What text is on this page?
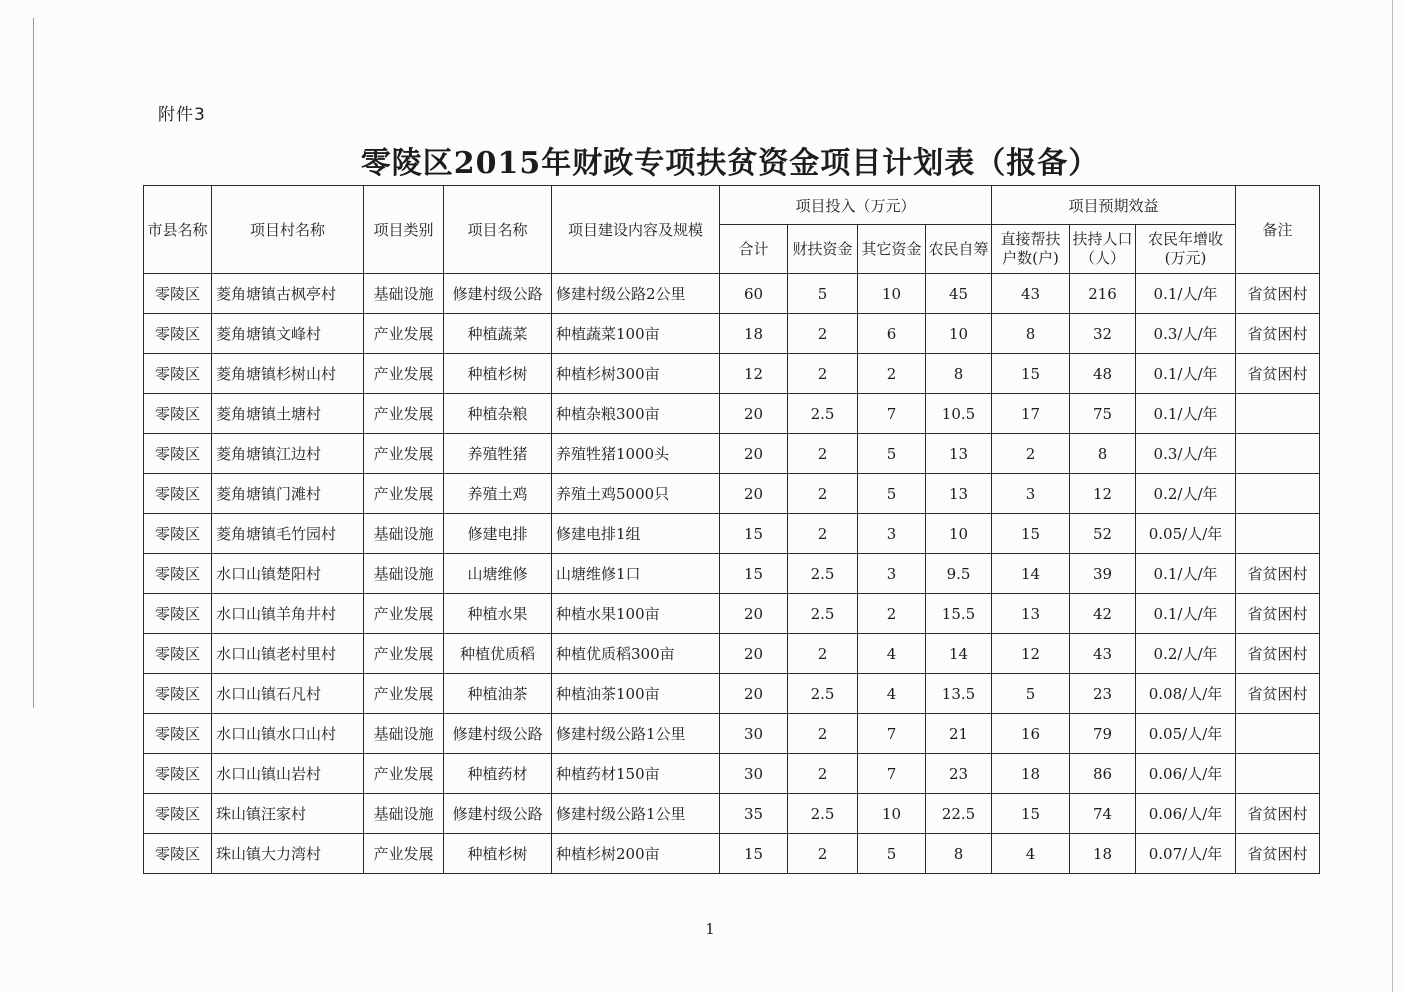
附件3
零陵区2015年财政专项扶贫资金项目计划表（报备）
市县名称	项目村名称	项目类别	项目名称	项目建设内容及规模	项目投入（万元）				项目预期效益			备注
					合计	财扶资金	其它资金	农民自筹	直接帮扶户数(户)	扶持人口（人）	农民年增收(万元)	
零陵区	菱角塘镇古枫亭村	基础设施	修建村级公路	修建村级公路2公里	60	5	10	45	43	216	0.1/人/年	省贫困村
零陵区	菱角塘镇文峰村	产业发展	种植蔬菜	种植蔬菜100亩	18	2	6	10	8	32	0.3/人/年	省贫困村
零陵区	菱角塘镇杉树山村	产业发展	种植杉树	种植杉树300亩	12	2	2	8	15	48	0.1/人/年	省贫困村
零陵区	菱角塘镇土塘村	产业发展	种植杂粮	种植杂粮300亩	20	2.5	7	10.5	17	75	0.1/人/年	
零陵区	菱角塘镇江边村	产业发展	养殖牲猪	养殖牲猪1000头	20	2	5	13	2	8	0.3/人/年	
零陵区	菱角塘镇门滩村	产业发展	养殖土鸡	养殖土鸡5000只	20	2	5	13	3	12	0.2/人/年	
零陵区	菱角塘镇毛竹园村	基础设施	修建电排	修建电排1组	15	2	3	10	15	52	0.05/人/年	
零陵区	水口山镇楚阳村	基础设施	山塘维修	山塘维修1口	15	2.5	3	9.5	14	39	0.1/人/年	省贫困村
零陵区	水口山镇羊角井村	产业发展	种植水果	种植水果100亩	20	2.5	2	15.5	13	42	0.1/人/年	省贫困村
零陵区	水口山镇老村里村	产业发展	种植优质稻	种植优质稻300亩	20	2	4	14	12	43	0.2/人/年	省贫困村
零陵区	水口山镇石凡村	产业发展	种植油茶	种植油茶100亩	20	2.5	4	13.5	5	23	0.08/人/年	省贫困村
零陵区	水口山镇水口山村	基础设施	修建村级公路	修建村级公路1公里	30	2	7	21	16	79	0.05/人/年	
零陵区	水口山镇山岩村	产业发展	种植药材	种植药材150亩	30	2	7	23	18	86	0.06/人/年	
零陵区	珠山镇汪家村	基础设施	修建村级公路	修建村级公路1公里	35	2.5	10	22.5	15	74	0.06/人/年	省贫困村
零陵区	珠山镇大力湾村	产业发展	种植杉树	种植杉树200亩	15	2	5	8	4	18	0.07/人/年	省贫困村
1
